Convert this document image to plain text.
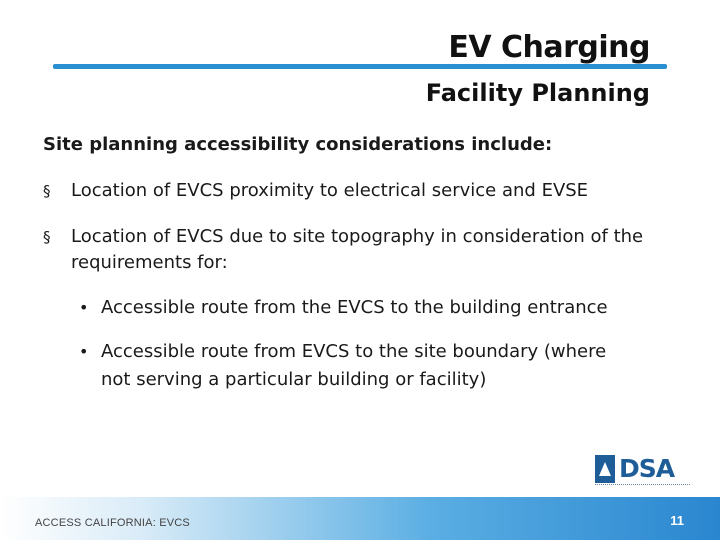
EV Charging
Facility Planning
Site planning accessibility considerations include:
§ Location of EVCS proximity to electrical service and EVSE
§ Location of EVCS due to site topography in consideration of the requirements for:
• Accessible route from the EVCS to the building entrance
• Accessible route from EVCS to the site boundary (where not serving a particular building or facility)
DSA
ACCESS CALIFORNIA: EVCS	11
